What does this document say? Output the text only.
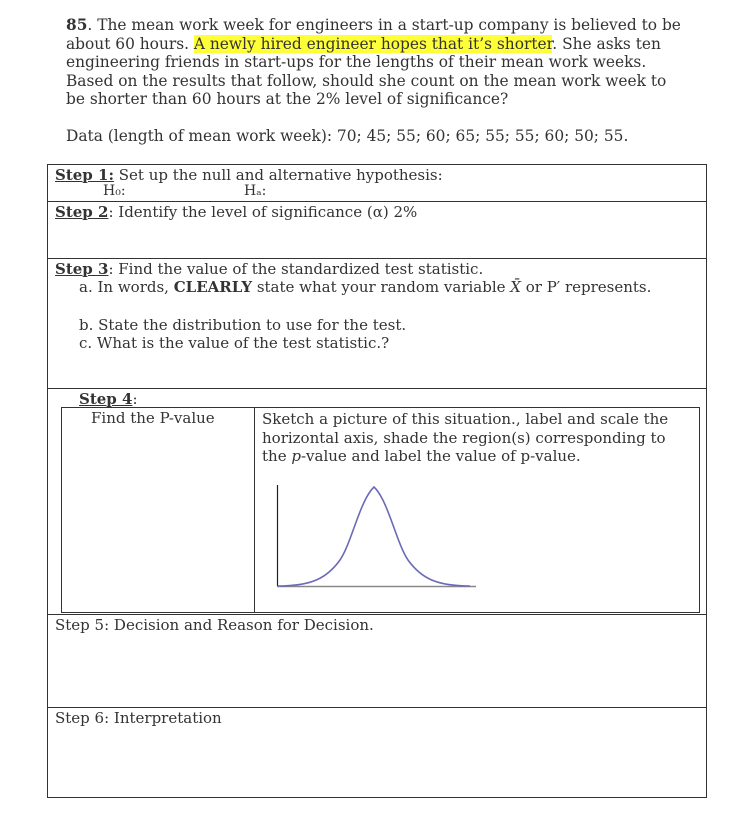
85. The mean work week for engineers in a start-up company is believed to be about 60 hours. A newly hired engineer hopes that it’s shorter. She asks ten engineering friends in start-ups for the lengths of their mean work weeks. Based on the results that follow, should she count on the mean work week to be shorter than 60 hours at the 2% level of significance?
Data (length of mean work week): 70; 45; 55; 60; 65; 55; 55; 60; 50; 55.
Step 1: Set up the null and alternative hypothesis:
H₀:	Hₐ:
Step 2: Identify the level of significance (α) 2%
Step 3: Find the value of the standardized test statistic.
a. In words, CLEARLY state what your random variable X̄ or P′ represents.
b. State the distribution to use for the test.
c. What is the value of the test statistic.?
Step 4:
Find the P-value	Sketch a picture of this situation., label and scale the horizontal axis, shade the region(s) corresponding to the p-value and label the value of p-value.
Step 5: Decision and Reason for Decision.
Step 6: Interpretation
